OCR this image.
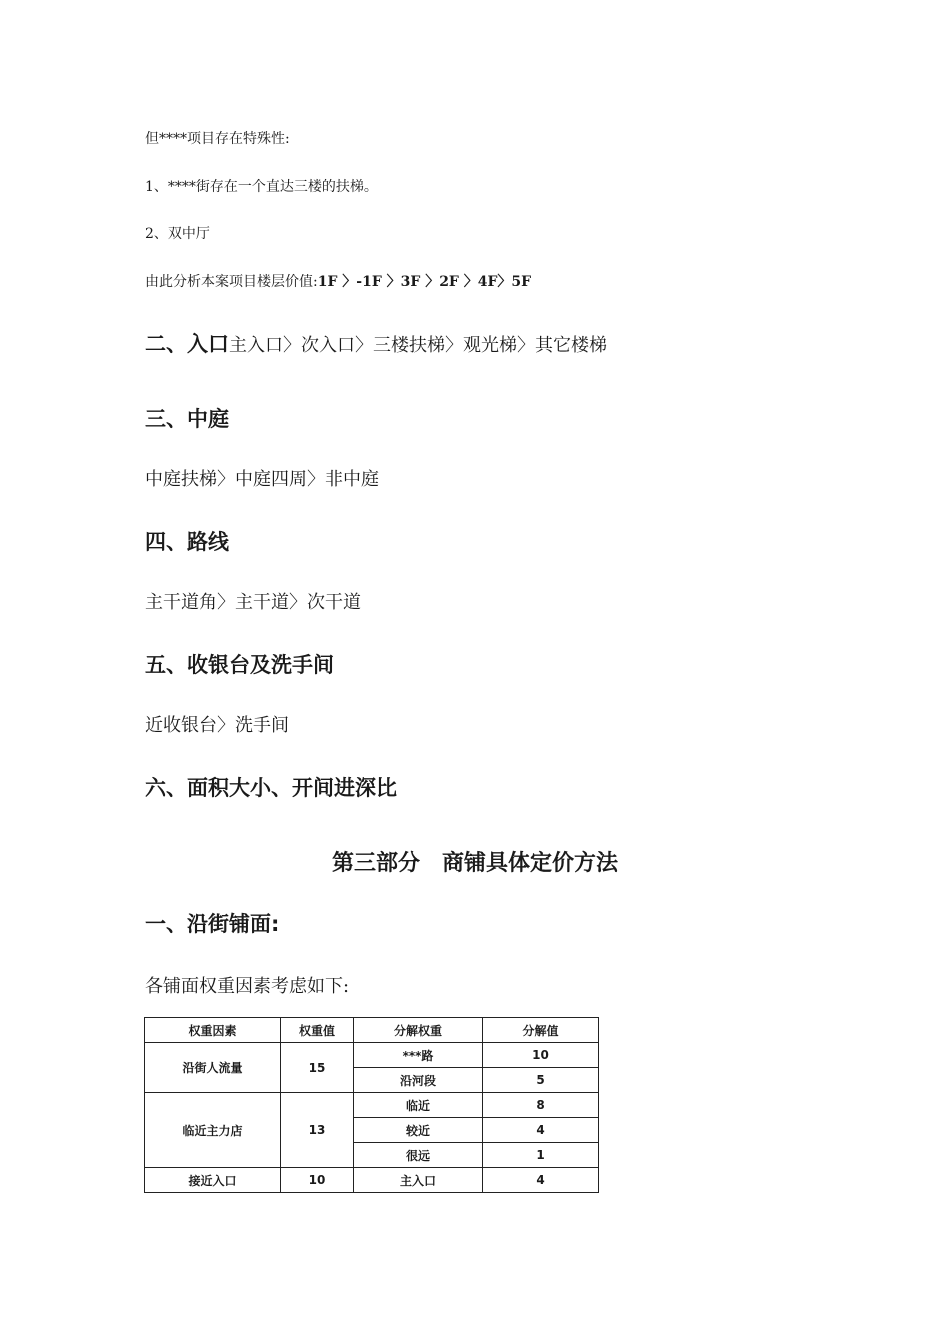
但****项目存在特殊性:
1、****街存在一个直达三楼的扶梯。
2、双中厅
由此分析本案项目楼层价值:1F 〉-1F 〉3F 〉2F 〉4F〉5F
二、入口主入口〉次入口〉三楼扶梯〉观光梯〉其它楼梯
三、中庭
中庭扶梯〉中庭四周〉非中庭
四、路线
主干道角〉主干道〉次干道
五、收银台及洗手间
近收银台〉洗手间
六、面积大小、开间进深比
第三部分　商铺具体定价方法
一、沿街铺面:
各铺面权重因素考虑如下:
权重因素	权重值	分解权重	分解值
沿街人流量	15	***路	10
		沿河段	5
临近主力店	13	临近	8
		较近	4
		很远	1
接近入口	10	主入口	4
